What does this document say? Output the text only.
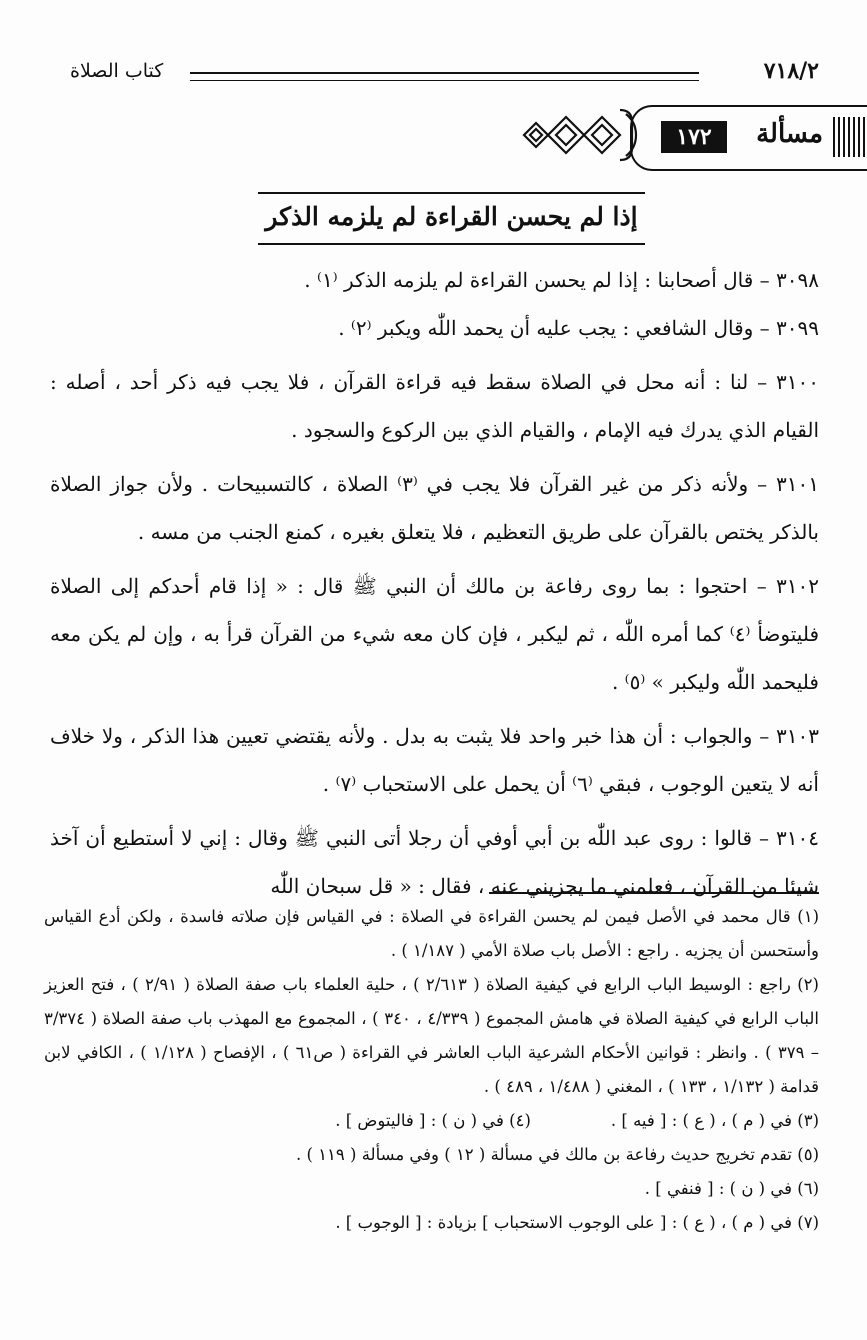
٧١٨/٢
كتاب الصلاة
مسألة
١٧٢
إذا لم يحسن القراءة لم يلزمه الذكر

٣٠٩٨ – قال أصحابنا : إذا لم يحسن القراءة لم يلزمه الذكر ⁽١⁾ .

٣٠٩٩ – وقال الشافعي : يجب عليه أن يحمد اللّٰه ويكبر ⁽٢⁾ .

٣١٠٠ – لنا : أنه محل في الصلاة سقط فيه قراءة القرآن ، فلا يجب فيه ذكر أحد ، أصله : القيام الذي يدرك فيه الإمام ، والقيام الذي بين الركوع والسجود .

٣١٠١ – ولأنه ذكر من غير القرآن فلا يجب في ⁽٣⁾ الصلاة ، كالتسبيحات . ولأن جواز الصلاة بالذكر يختص بالقرآن على طريق التعظيم ، فلا يتعلق بغيره ، كمنع الجنب من مسه .

٣١٠٢ – احتجوا : بما روى رفاعة بن مالك أن النبي ﷺ قال : « إذا قام أحدكم إلى الصلاة فليتوضأ ⁽٤⁾ كما أمره اللّٰه ، ثم ليكبر ، فإن كان معه شيء من القرآن قرأ به ، وإن لم يكن معه فليحمد اللّٰه وليكبر » ⁽٥⁾ .

٣١٠٣ – والجواب : أن هذا خبر واحد فلا يثبت به بدل . ولأنه يقتضي تعيين هذا الذكر ، ولا خلاف أنه لا يتعين الوجوب ، فبقي ⁽٦⁾ أن يحمل على الاستحباب ⁽٧⁾ .

٣١٠٤ – قالوا : روى عبد اللّٰه بن أبي أوفي أن رجلا أتى النبي ﷺ وقال : إني لا أستطيع أن آخذ شيئا من القرآن ، فعلمني ما يجزيني عنه ، فقال : « قل سبحان اللّٰه

(١) قال محمد في الأصل فيمن لم يحسن القراءة في الصلاة : في القياس فإن صلاته فاسدة ، ولكن أدع القياس وأستحسن أن يجزيه . راجع : الأصل باب صلاة الأمي ( ١/١٨٧ ) .

(٢) راجع : الوسيط الباب الرابع في كيفية الصلاة ( ٢/٦١٣ ) ، حلية العلماء باب صفة الصلاة ( ٢/٩١ ) ، فتح العزيز الباب الرابع في كيفية الصلاة في هامش المجموع ( ٤/٣٣٩ ، ٣٤٠ ) ، المجموع مع المهذب باب صفة الصلاة ( ٣/٣٧٤ – ٣٧٩ ) . وانظر : قوانين الأحكام الشرعية الباب العاشر في القراءة ( ص٦١ ) ، الإفصاح ( ١/١٢٨ ) ، الكافي لابن قدامة ( ١/١٣٢ ، ١٣٣ ) ، المغني ( ١/٤٨٨ ، ٤٨٩ ) .

(٣) في ( م ) ، ( ع ) : [ فيه ] .
(٤) في ( ن ) : [ فالیتوض ] .

(٥) تقدم تخريج حديث رفاعة بن مالك في مسألة ( ١٢ ) وفي مسألة ( ١١٩ ) .

(٦) في ( ن ) : [ فنفي ] .

(٧) في ( م ) ، ( ع ) : [ على الوجوب الاستحباب ] بزيادة : [ الوجوب ] .
